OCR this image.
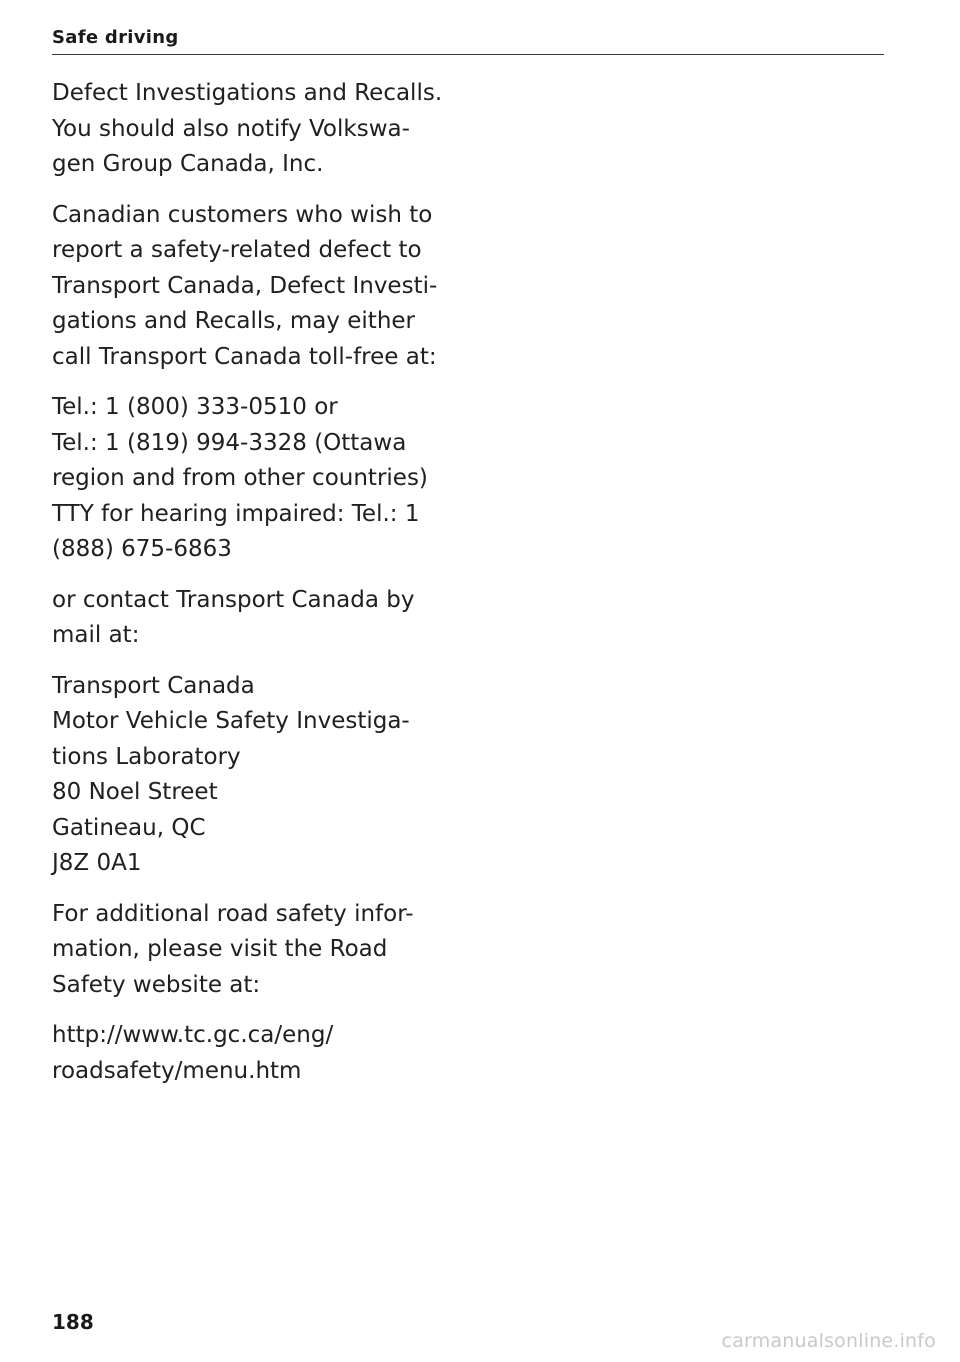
Safe driving
Defect Investigations and Recalls.
You should also notify Volkswa-
gen Group Canada, Inc.
Canadian customers who wish to
report a safety-related defect to
Transport Canada, Defect Investi-
gations and Recalls, may either
call Transport Canada toll-free at:
Tel.: 1 (800) 333-0510 or
Tel.: 1 (819) 994-3328 (Ottawa
region and from other countries)
TTY for hearing impaired: Tel.: 1
(888) 675-6863
or contact Transport Canada by
mail at:
Transport Canada
Motor Vehicle Safety Investiga-
tions Laboratory
80 Noel Street
Gatineau, QC
J8Z 0A1
For additional road safety infor-
mation, please visit the Road
Safety website at:
http://www.tc.gc.ca/eng/
roadsafety/menu.htm
188
carmanualsonline.info
